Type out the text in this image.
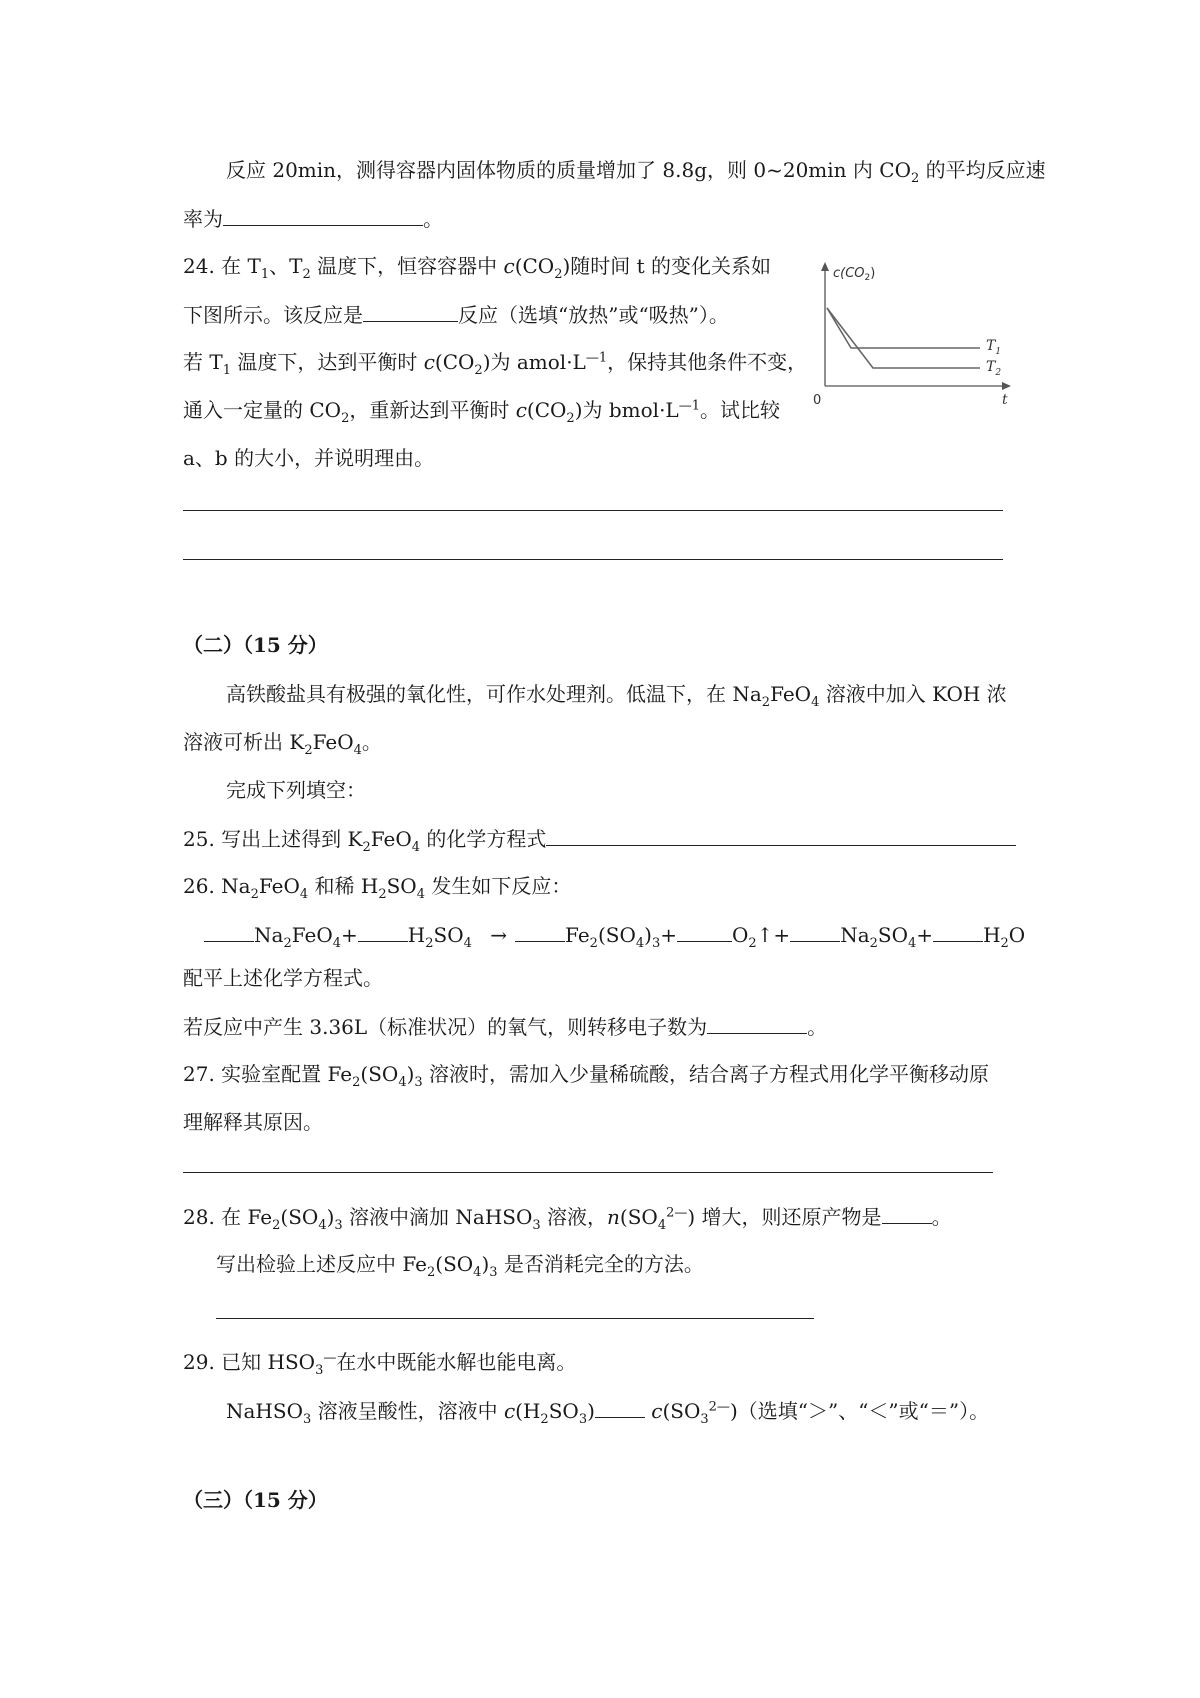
反应 20min，测得容器内固体物质的质量增加了 8.8g，则 0~20min 内 $CO_2$ 的平均反应速
率为	。
24. 在 $T_1$、$T_2$ 温度下，恒容容器中 $c(CO_2)$随时间 t 的变化关系如
下图所示。该反应是	反应（选填“放热”或“吸热”）。
若 $T_1$ 温度下，达到平衡时 $c(CO_2)$为 $amol\cdot L^{—1}$，保持其他条件不变，
通入一定量的 $CO_2$，重新达到平衡时 $c(CO_2)$为 $bmol\cdot L^{—1}$。试比较
a、b 的大小，并说明理由。
$c(CO_2)$
$T_1$
$T_2$
0	t
（二）（15 分）
高铁酸盐具有极强的氧化性，可作水处理剂。低温下，在 $Na_2FeO_4$ 溶液中加入 KOH 浓
溶液可析出 $K_2FeO_4$。
完成下列填空：
25. 写出上述得到 $K_2FeO_4$ 的化学方程式
26. $Na_2FeO_4$ 和稀 $H_2SO_4$ 发生如下反应：
$Na_2FeO_4+$	$H_2SO_4$ →	$Fe_2(SO_4)_3+$	$O_2↑+$	$Na_2SO_4+$	$H_2O$
配平上述化学方程式。
若反应中产生 3.36L（标准状况）的氧气，则转移电子数为	。
27. 实验室配置 $Fe_2(SO_4)_3$ 溶液时，需加入少量稀硫酸，结合离子方程式用化学平衡移动原
理解释其原因。
28. 在 $Fe_2(SO_4)_3$ 溶液中滴加 NaHSO$_3$ 溶液，$n(SO_4^{2—})$ 增大，则还原产物是	。
写出检验上述反应中 $Fe_2(SO_4)_3$ 是否消耗完全的方法。
29. 已知 $HSO_3^—$在水中既能水解也能电离。
NaHSO$_3$ 溶液呈酸性，溶液中 $c(H_2SO_3)$	$c(SO_3^{2—})$（选填“＞”、“＜”或“＝”）。
（三）（15 分）
